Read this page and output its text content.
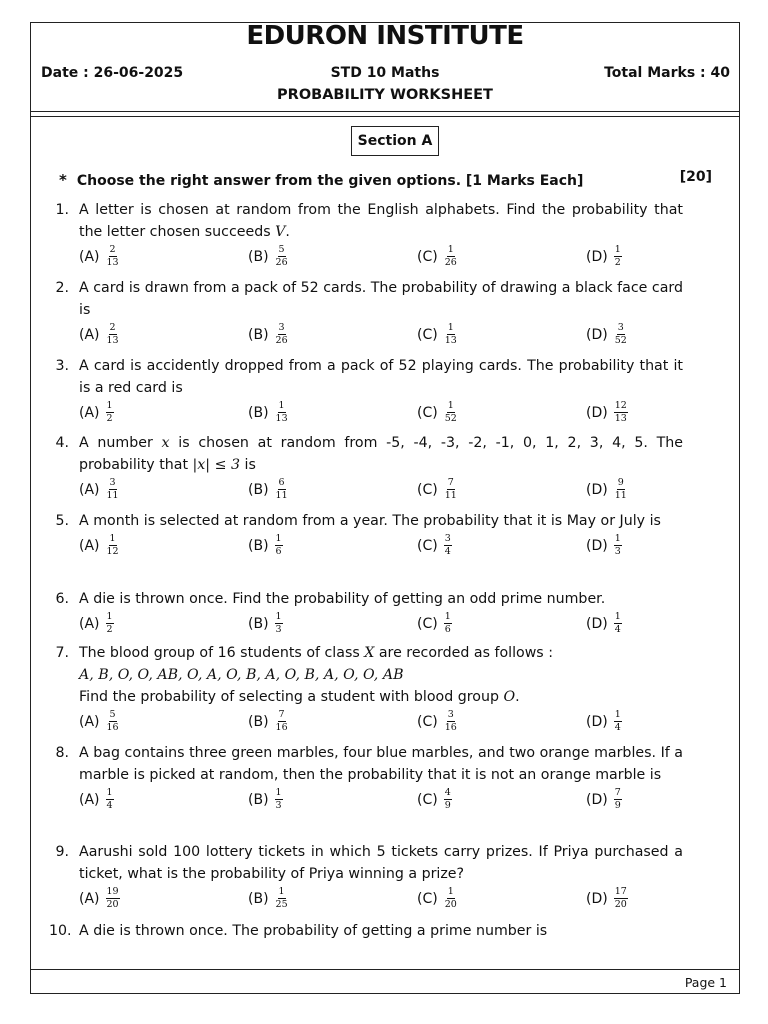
EDURON INSTITUTE
Date : 26-06-2025	STD 10 Maths	Total Marks : 40
PROBABILITY WORKSHEET
Section A
* Choose the right answer from the given options. [1 Marks Each]	[20]
1. A letter is chosen at random from the English alphabets. Find the probability that the letter chosen succeeds V.
$(A) \frac{2}{13}$	$(B) \frac{5}{26}$	$(C) \frac{1}{26}$	$(D) \frac{1}{2}$
2. A card is drawn from a pack of 52 cards. The probability of drawing a black face card is
$(A) \frac{2}{13}$	$(B) \frac{3}{26}$	$(C) \frac{1}{13}$	$(D) \frac{3}{52}$
3. A card is accidently dropped from a pack of 52 playing cards. The probability that it is a red card is
$(A) \frac{1}{2}$	$(B) \frac{1}{13}$	$(C) \frac{1}{52}$	$(D) \frac{12}{13}$
4. A number x is chosen at random from -5, -4, -3, -2, -1, 0, 1, 2, 3, 4, 5. The probability that |x| ≤ 3 is
$(A) \frac{3}{11}$	$(B) \frac{6}{11}$	$(C) \frac{7}{11}$	$(D) \frac{9}{11}$
5. A month is selected at random from a year. The probability that it is May or July is
$(A) \frac{1}{12}$	$(B) \frac{1}{6}$	$(C) \frac{3}{4}$	$(D) \frac{1}{3}$
6. A die is thrown once. Find the probability of getting an odd prime number.
$(A) \frac{1}{2}$	$(B) \frac{1}{3}$	$(C) \frac{1}{6}$	$(D) \frac{1}{4}$
7. The blood group of 16 students of class X are recorded as follows :
A, B, O, O, AB, O, A, O, B, A, O, B, A, O, O, AB
Find the probability of selecting a student with blood group O.
$(A) \frac{5}{16}$	$(B) \frac{7}{16}$	$(C) \frac{3}{16}$	$(D) \frac{1}{4}$
8. A bag contains three green marbles, four blue marbles, and two orange marbles. If a marble is picked at random, then the probability that it is not an orange marble is
$(A) \frac{1}{4}$	$(B) \frac{1}{3}$	$(C) \frac{4}{9}$	$(D) \frac{7}{9}$
9. Aarushi sold 100 lottery tickets in which 5 tickets carry prizes. If Priya purchased a ticket, what is the probability of Priya winning a prize?
$(A) \frac{19}{20}$	$(B) \frac{1}{25}$	$(C) \frac{1}{20}$	$(D) \frac{17}{20}$
10. A die is thrown once. The probability of getting a prime number is
Page 1
